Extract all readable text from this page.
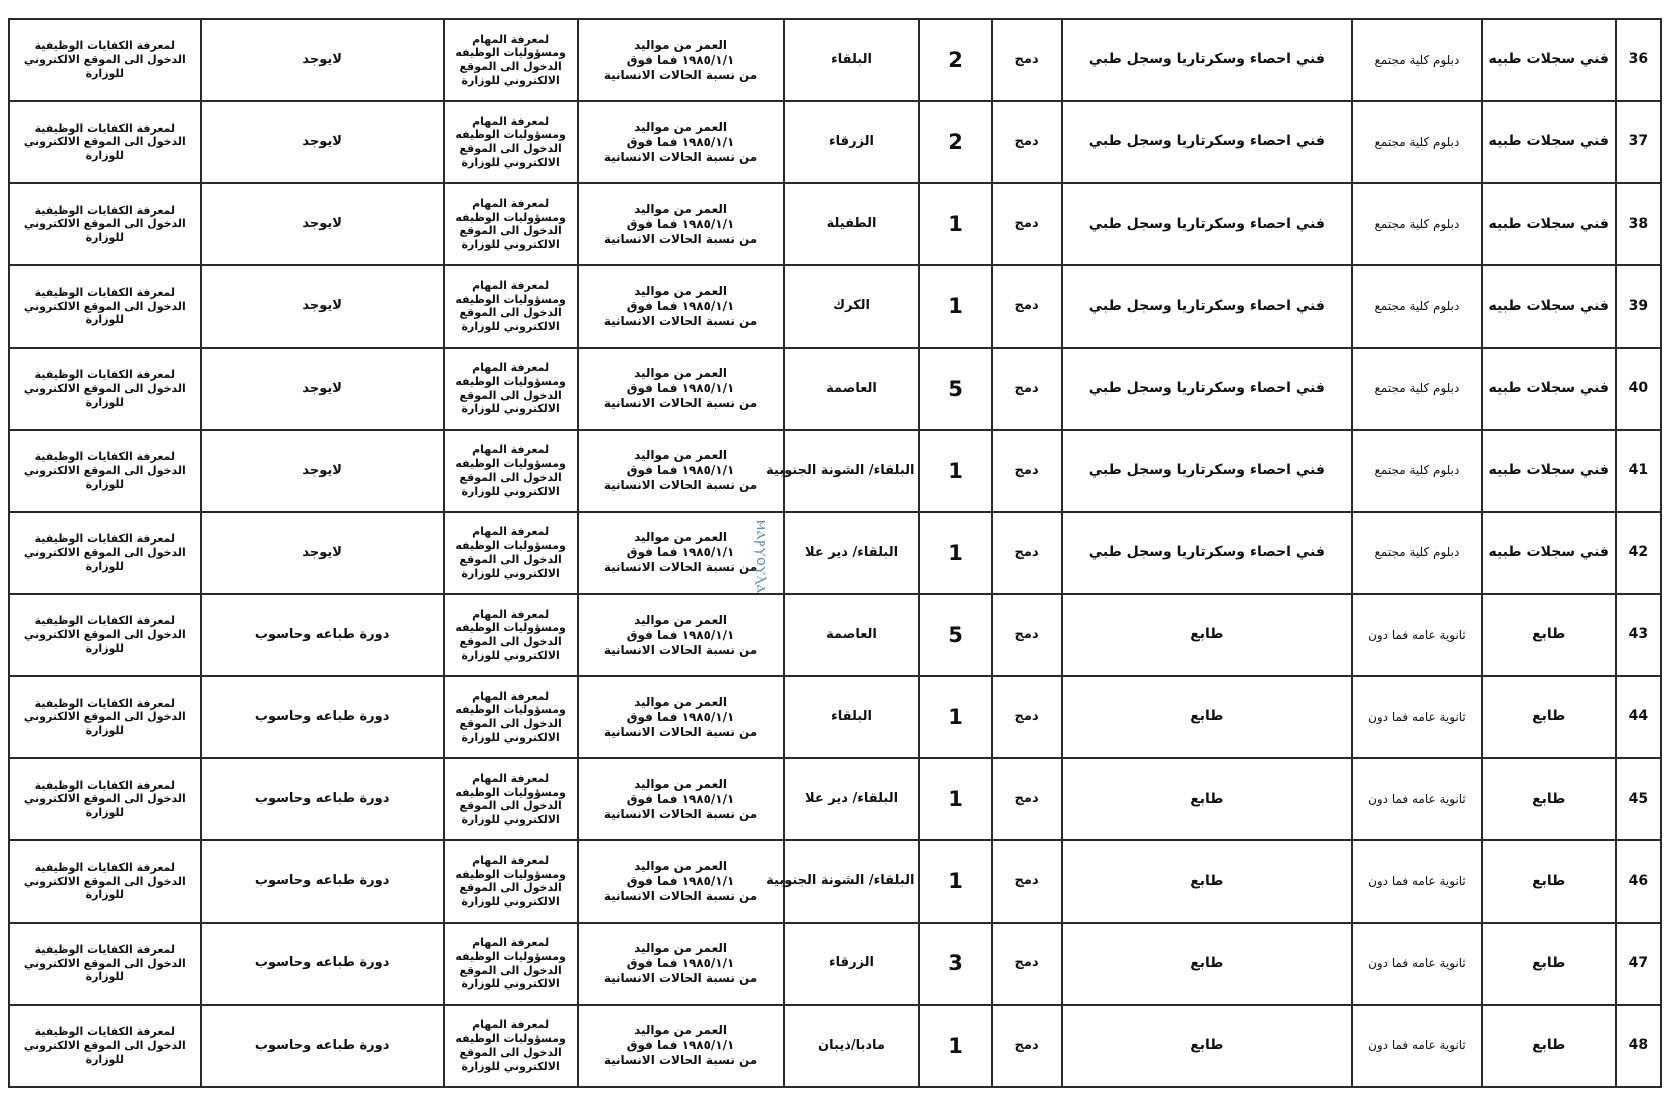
36	فني سجلات طبيه	دبلوم كلية مجتمع	فني احصاء وسكرتاريا وسجل طبي	دمج	2	البلقاء	العمر من مواليد
١٩٨٥/١/١ فما فوق
من نسبة الحالات الانسانية	لمعرفة المهام
ومسؤوليات الوظيفه
الدخول الى الموقع
الالكتروني للوزارة	لايوجد	لمعرفة الكفايات الوظيفية
الدخول الى الموقع الالكتروني
للوزارة
37	فني سجلات طبيه	دبلوم كلية مجتمع	فني احصاء وسكرتاريا وسجل طبي	دمج	2	الزرقاء	العمر من مواليد
١٩٨٥/١/١ فما فوق
من نسبة الحالات الانسانية	لمعرفة المهام
ومسؤوليات الوظيفه
الدخول الى الموقع
الالكتروني للوزارة	لايوجد	لمعرفة الكفايات الوظيفية
الدخول الى الموقع الالكتروني
للوزارة
38	فني سجلات طبيه	دبلوم كلية مجتمع	فني احصاء وسكرتاريا وسجل طبي	دمج	1	الطفيلة	العمر من مواليد
١٩٨٥/١/١ فما فوق
من نسبة الحالات الانسانية	لمعرفة المهام
ومسؤوليات الوظيفه
الدخول الى الموقع
الالكتروني للوزارة	لايوجد	لمعرفة الكفايات الوظيفية
الدخول الى الموقع الالكتروني
للوزارة
39	فني سجلات طبيه	دبلوم كلية مجتمع	فني احصاء وسكرتاريا وسجل طبي	دمج	1	الكرك	العمر من مواليد
١٩٨٥/١/١ فما فوق
من نسبة الحالات الانسانية	لمعرفة المهام
ومسؤوليات الوظيفه
الدخول الى الموقع
الالكتروني للوزارة	لايوجد	لمعرفة الكفايات الوظيفية
الدخول الى الموقع الالكتروني
للوزارة
40	فني سجلات طبيه	دبلوم كلية مجتمع	فني احصاء وسكرتاريا وسجل طبي	دمج	5	العاصمة	العمر من مواليد
١٩٨٥/١/١ فما فوق
من نسبة الحالات الانسانية	لمعرفة المهام
ومسؤوليات الوظيفه
الدخول الى الموقع
الالكتروني للوزارة	لايوجد	لمعرفة الكفايات الوظيفية
الدخول الى الموقع الالكتروني
للوزارة
41	فني سجلات طبيه	دبلوم كلية مجتمع	فني احصاء وسكرتاريا وسجل طبي	دمج	1	البلقاء/ الشونة الجنوبية	العمر من مواليد
١٩٨٥/١/١ فما فوق
من نسبة الحالات الانسانية	لمعرفة المهام
ومسؤوليات الوظيفه
الدخول الى الموقع
الالكتروني للوزارة	لايوجد	لمعرفة الكفايات الوظيفية
الدخول الى الموقع الالكتروني
للوزارة
42	فني سجلات طبيه	دبلوم كلية مجتمع	فني احصاء وسكرتاريا وسجل طبي	دمج	1	البلقاء/ دير علا	العمر من مواليد
١٩٨٥/١/١ فما فوق
من نسبة الحالات الانسانية	لمعرفة المهام
ومسؤوليات الوظيفه
الدخول الى الموقع
الالكتروني للوزارة	لايوجد	لمعرفة الكفايات الوظيفية
الدخول الى الموقع الالكتروني
للوزارة
43	طابع	ثانوية عامه فما دون	طابع	دمج	5	العاصمة	العمر من مواليد
١٩٨٥/١/١ فما فوق
من نسبة الحالات الانسانية	لمعرفة المهام
ومسؤوليات الوظيفه
الدخول الى الموقع
الالكتروني للوزارة	دورة طباعه وحاسوب	لمعرفة الكفايات الوظيفية
الدخول الى الموقع الالكتروني
للوزارة
44	طابع	ثانوية عامه فما دون	طابع	دمج	1	البلقاء	العمر من مواليد
١٩٨٥/١/١ فما فوق
من نسبة الحالات الانسانية	لمعرفة المهام
ومسؤوليات الوظيفه
الدخول الى الموقع
الالكتروني للوزارة	دورة طباعه وحاسوب	لمعرفة الكفايات الوظيفية
الدخول الى الموقع الالكتروني
للوزارة
45	طابع	ثانوية عامه فما دون	طابع	دمج	1	البلقاء/ دير علا	العمر من مواليد
١٩٨٥/١/١ فما فوق
من نسبة الحالات الانسانية	لمعرفة المهام
ومسؤوليات الوظيفه
الدخول الى الموقع
الالكتروني للوزارة	دورة طباعه وحاسوب	لمعرفة الكفايات الوظيفية
الدخول الى الموقع الالكتروني
للوزارة
46	طابع	ثانوية عامه فما دون	طابع	دمج	1	البلقاء/ الشونة الجنوبية	العمر من مواليد
١٩٨٥/١/١ فما فوق
من نسبة الحالات الانسانية	لمعرفة المهام
ومسؤوليات الوظيفه
الدخول الى الموقع
الالكتروني للوزارة	دورة طباعه وحاسوب	لمعرفة الكفايات الوظيفية
الدخول الى الموقع الالكتروني
للوزارة
47	طابع	ثانوية عامه فما دون	طابع	دمج	3	الزرقاء	العمر من مواليد
١٩٨٥/١/١ فما فوق
من نسبة الحالات الانسانية	لمعرفة المهام
ومسؤوليات الوظيفه
الدخول الى الموقع
الالكتروني للوزارة	دورة طباعه وحاسوب	لمعرفة الكفايات الوظيفية
الدخول الى الموقع الالكتروني
للوزارة
48	طابع	ثانوية عامه فما دون	طابع	دمج	1	مادبا/ذيبان	العمر من مواليد
١٩٨٥/١/١ فما فوق
من نسبة الحالات الانسانية	لمعرفة المهام
ومسؤوليات الوظيفه
الدخول الى الموقع
الالكتروني للوزارة	دورة طباعه وحاسوب	لمعرفة الكفايات الوظيفية
الدخول الى الموقع الالكتروني
للوزارة
ⲙⲁⲣⲩⲟⲩⲗⲁ
